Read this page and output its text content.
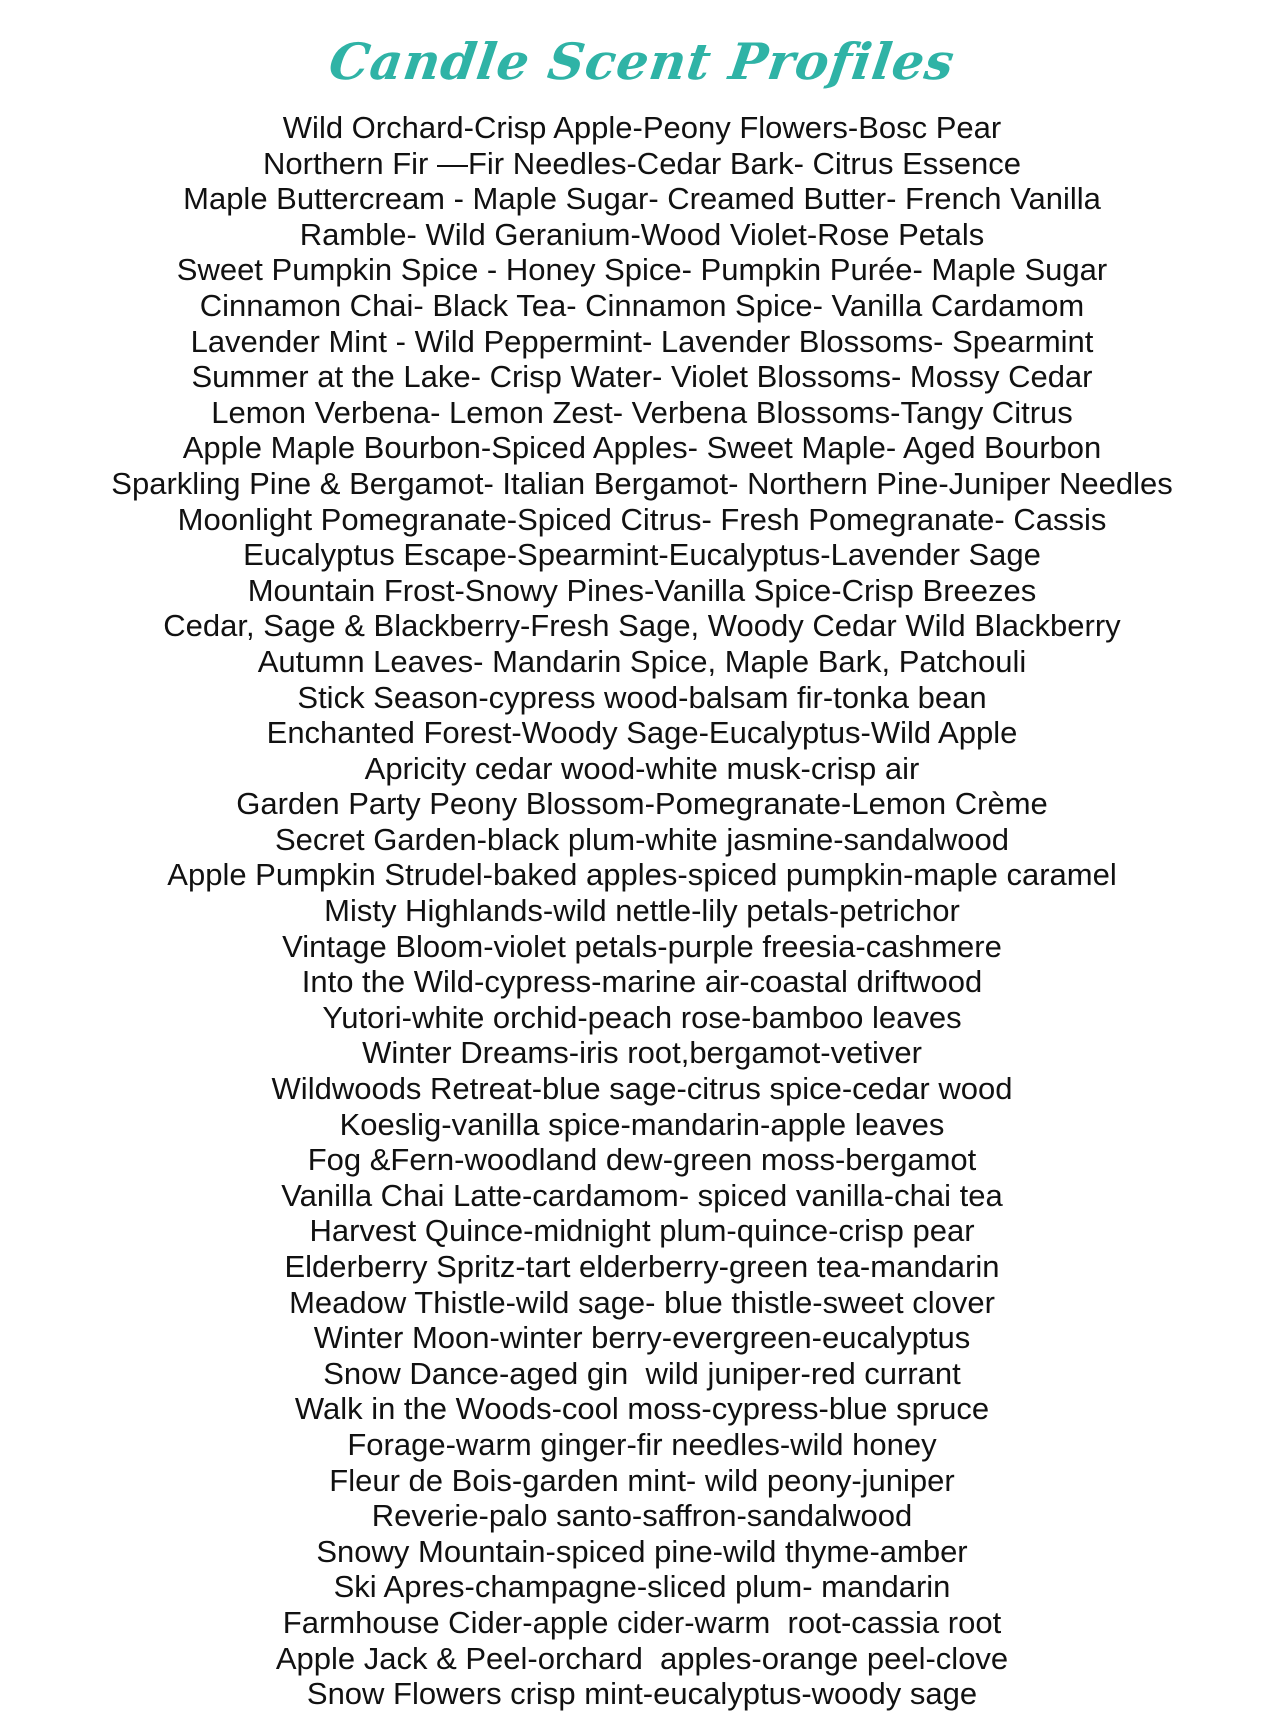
Candle Scent Profiles
Wild Orchard-Crisp Apple-Peony Flowers-Bosc Pear
Northern Fir —Fir Needles-Cedar Bark- Citrus Essence
Maple Buttercream - Maple Sugar- Creamed Butter- French Vanilla
Ramble- Wild Geranium-Wood Violet-Rose Petals
Sweet Pumpkin Spice - Honey Spice- Pumpkin Purée- Maple Sugar
Cinnamon Chai- Black Tea- Cinnamon Spice- Vanilla Cardamom
Lavender Mint - Wild Peppermint- Lavender Blossoms- Spearmint
Summer at the Lake- Crisp Water- Violet Blossoms- Mossy Cedar
Lemon Verbena- Lemon Zest- Verbena Blossoms-Tangy Citrus
Apple Maple Bourbon-Spiced Apples- Sweet Maple- Aged Bourbon
Sparkling Pine & Bergamot- Italian Bergamot- Northern Pine-Juniper Needles
Moonlight Pomegranate-Spiced Citrus- Fresh Pomegranate- Cassis
Eucalyptus Escape-Spearmint-Eucalyptus-Lavender Sage
Mountain Frost-Snowy Pines-Vanilla Spice-Crisp Breezes
Cedar, Sage & Blackberry-Fresh Sage, Woody Cedar Wild Blackberry
Autumn Leaves- Mandarin Spice, Maple Bark, Patchouli
Stick Season-cypress wood-balsam fir-tonka bean
Enchanted Forest-Woody Sage-Eucalyptus-Wild Apple
Apricity cedar wood-white musk-crisp air
Garden Party Peony Blossom-Pomegranate-Lemon Crème
Secret Garden-black plum-white jasmine-sandalwood
Apple Pumpkin Strudel-baked apples-spiced pumpkin-maple caramel
Misty Highlands-wild nettle-lily petals-petrichor
Vintage Bloom-violet petals-purple freesia-cashmere
Into the Wild-cypress-marine air-coastal driftwood
Yutori-white orchid-peach rose-bamboo leaves
Winter Dreams-iris root,bergamot-vetiver
Wildwoods Retreat-blue sage-citrus spice-cedar wood
Koeslig-vanilla spice-mandarin-apple leaves
Fog &Fern-woodland dew-green moss-bergamot
Vanilla Chai Latte-cardamom- spiced vanilla-chai tea
Harvest Quince-midnight plum-quince-crisp pear
Elderberry Spritz-tart elderberry-green tea-mandarin
Meadow Thistle-wild sage- blue thistle-sweet clover
Winter Moon-winter berry-evergreen-eucalyptus
Snow Dance-aged gin  wild juniper-red currant
Walk in the Woods-cool moss-cypress-blue spruce
Forage-warm ginger-fir needles-wild honey
Fleur de Bois-garden mint- wild peony-juniper
Reverie-palo santo-saffron-sandalwood
Snowy Mountain-spiced pine-wild thyme-amber
Ski Apres-champagne-sliced plum- mandarin
Farmhouse Cider-apple cider-warm  root-cassia root
Apple Jack & Peel-orchard  apples-orange peel-clove
Snow Flowers crisp mint-eucalyptus-woody sage
